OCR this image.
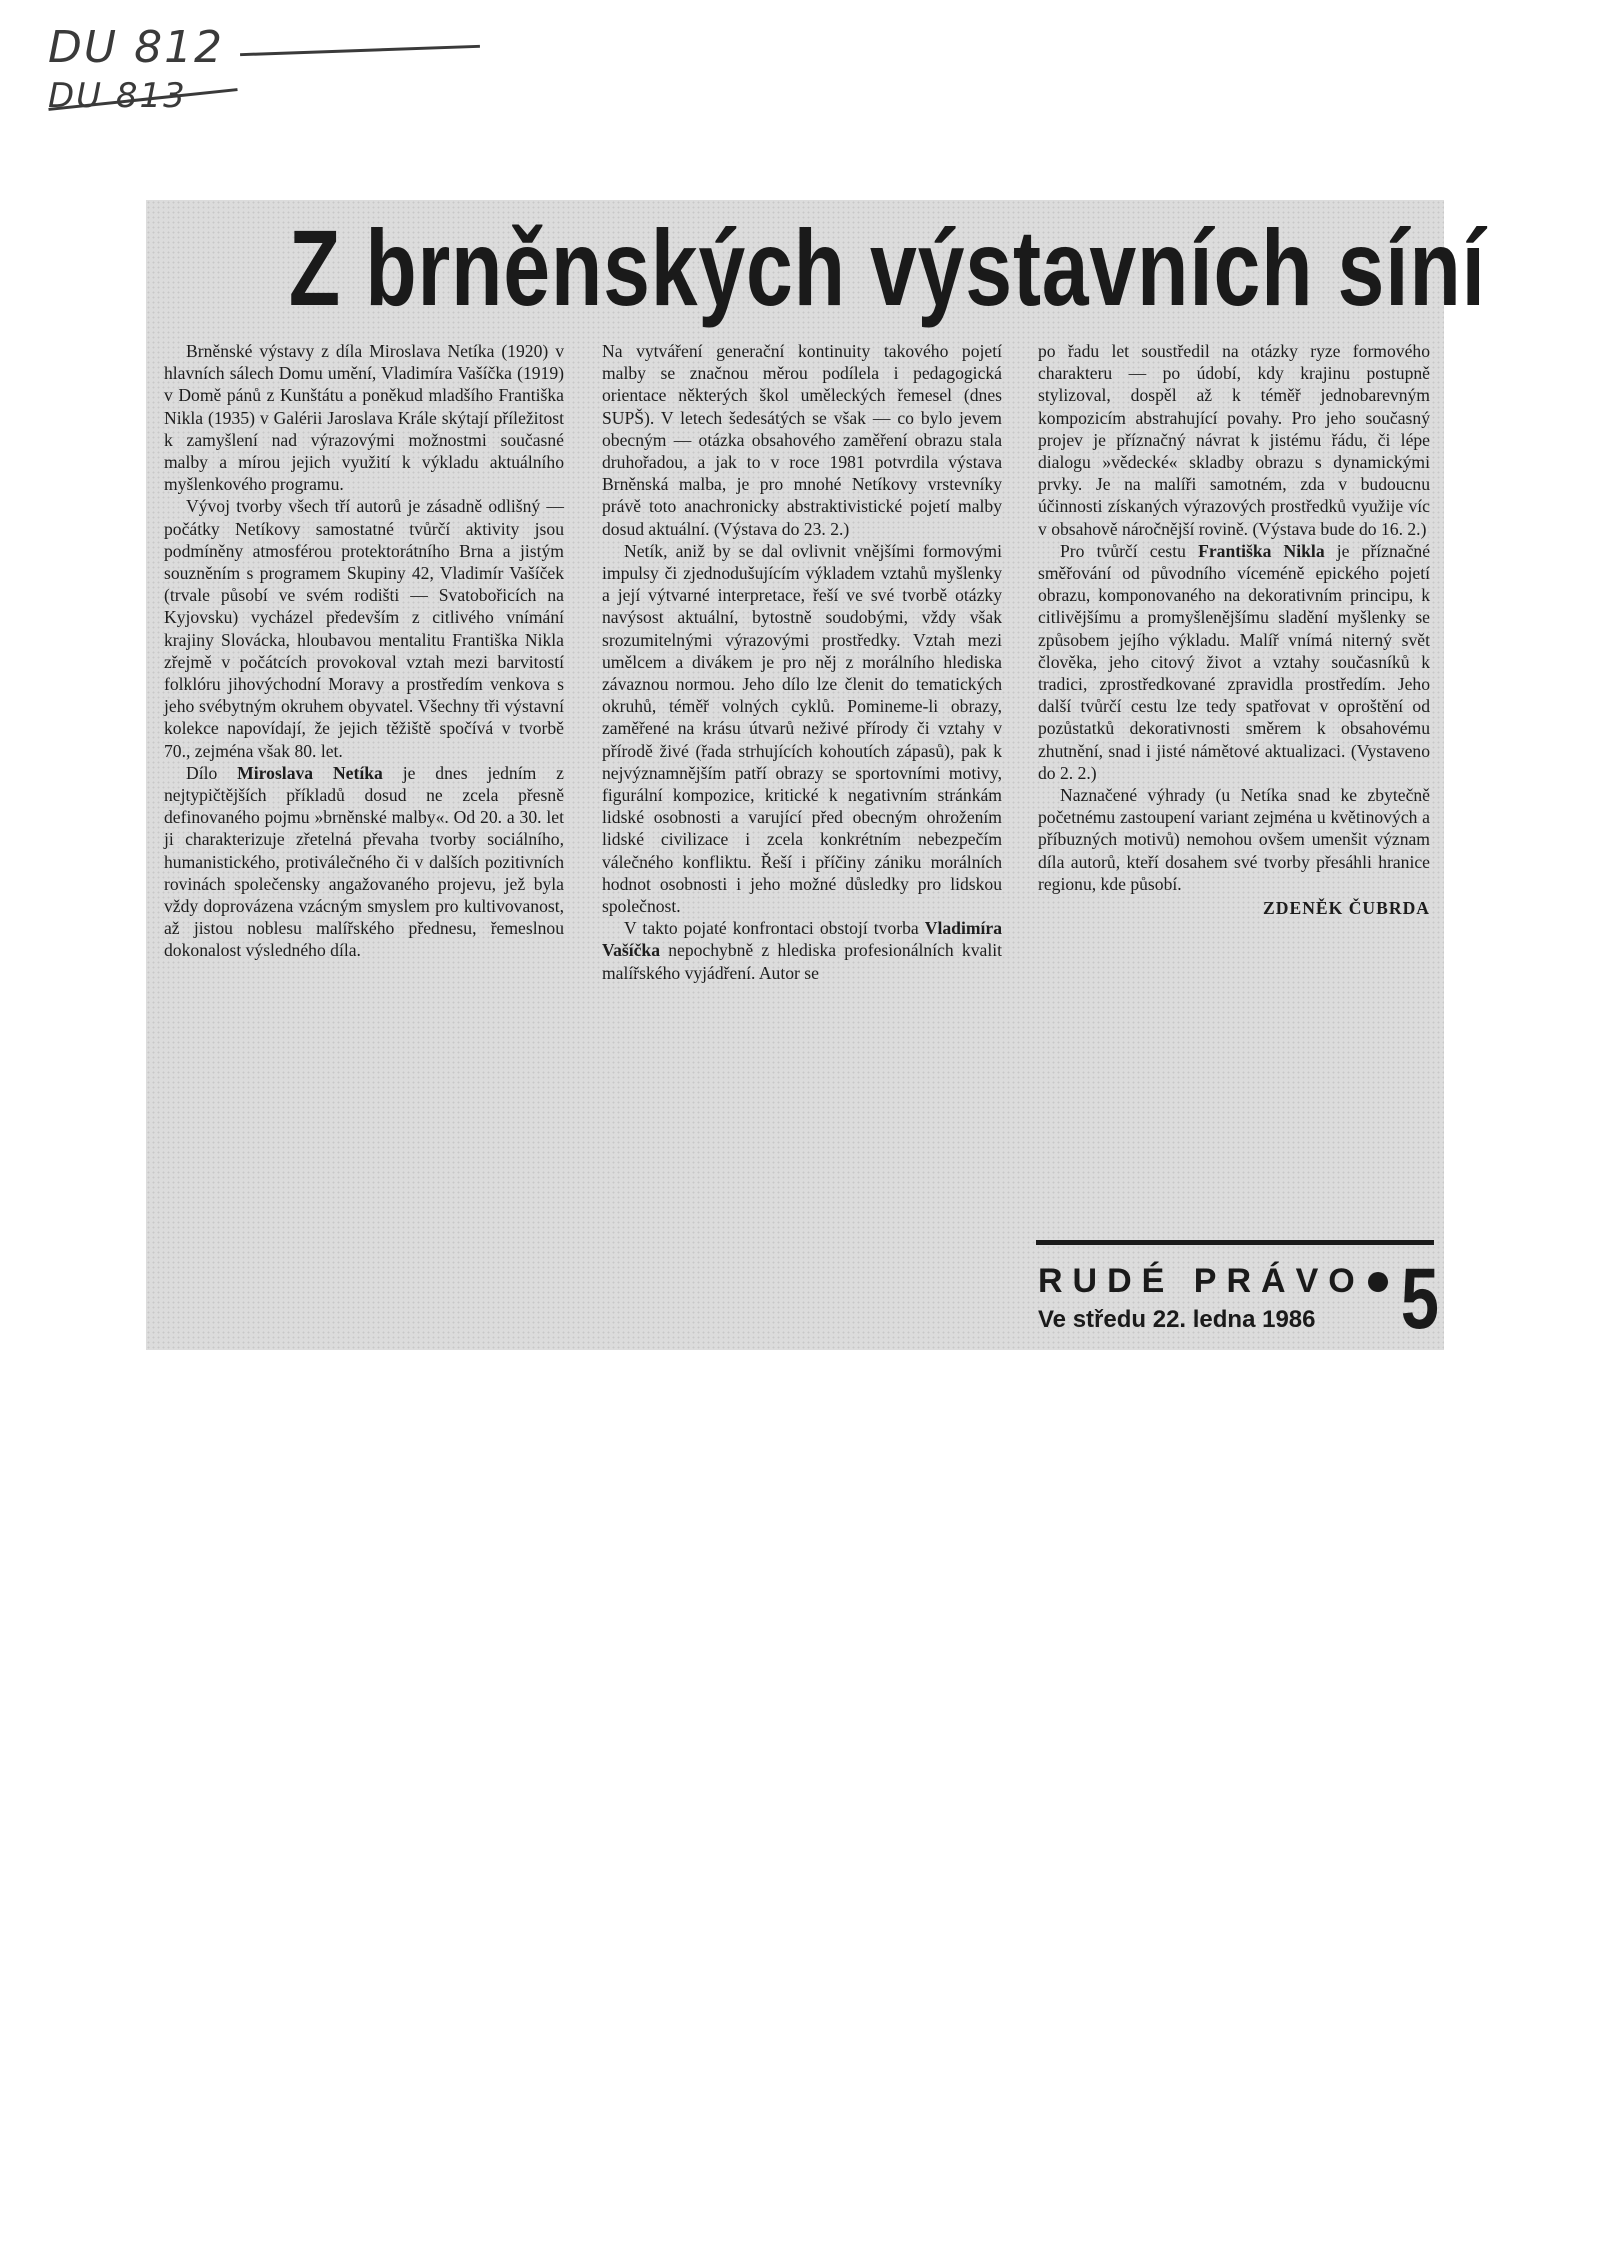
DU 812
DU 813
Z brněnských výstavních síní

Brněnské výstavy z díla Miroslava Netíka (1920) v hlavních sálech Domu umění, Vladimíra Vašíčka (1919) v Domě pánů z Kunštátu a poněkud mladšího Františka Nikla (1935) v Galérii Jaroslava Krále skýtají příležitost k zamyšlení nad výrazovými možnostmi současné malby a mírou jejich využití k výkladu aktuálního myšlenkového programu.

Vývoj tvorby všech tří autorů je zásadně odlišný — počátky Netíkovy samostatné tvůrčí aktivity jsou podmíněny atmosférou protektorátního Brna a jistým souzněním s programem Skupiny 42, Vladimír Vašíček (trvale působí ve svém rodišti — Svatobořicích na Kyjovsku) vycházel především z citlivého vnímání krajiny Slovácka, hloubavou mentalitu Františka Nikla zřejmě v počátcích provokoval vztah mezi barvitostí folklóru jihovýchodní Moravy a prostředím venkova s jeho svébytným okruhem obyvatel. Všechny tři výstavní kolekce napovídají, že jejich těžiště spočívá v tvorbě 70., zejména však 80. let.

Dílo Miroslava Netíka je dnes jedním z nejtypičtějších příkladů dosud ne zcela přesně definovaného pojmu »brněnské malby«. Od 20. a 30. let ji charakterizuje zřetelná převaha tvorby sociálního, humanistického, protiválečného či v dalších pozitivních rovinách společensky angažovaného projevu, jež byla vždy doprovázena vzácným smyslem pro kultivovanost, až jistou noblesu malířského přednesu, řemeslnou dokonalost výsledného díla.

Na vytváření generační kontinuity takového pojetí malby se značnou měrou podílela i pedagogická orientace některých škol uměleckých řemesel (dnes SUPŠ). V letech šedesátých se však — co bylo jevem obecným — otázka obsahového zaměření obrazu stala druhořadou, a jak to v roce 1981 potvrdila výstava Brněnská malba, je pro mnohé Netíkovy vrstevníky právě toto anachronicky abstraktivistické pojetí malby dosud aktuální. (Výstava do 23. 2.)

Netík, aniž by se dal ovlivnit vnějšími formovými impulsy či zjednodušujícím výkladem vztahů myšlenky a její výtvarné interpretace, řeší ve své tvorbě otázky navýsost aktuální, bytostně soudobými, vždy však srozumitelnými výrazovými prostředky. Vztah mezi umělcem a divákem je pro něj z morálního hlediska závaznou normou. Jeho dílo lze členit do tematických okruhů, téměř volných cyklů. Pomineme-li obrazy, zaměřené na krásu útvarů neživé přírody či vztahy v přírodě živé (řada strhujících kohoutích zápasů), pak k nejvýznamnějším patří obrazy se sportovními motivy, figurální kompozice, kritické k negativním stránkám lidské osobnosti a varující před obecným ohrožením lidské civilizace i zcela konkrétním nebezpečím válečného konfliktu. Řeší i příčiny zániku morálních hodnot osobnosti i jeho možné důsledky pro lidskou společnost.

V takto pojaté konfrontaci obstojí tvorba Vladimíra Vašíčka nepochybně z hlediska profesionálních kvalit malířského vyjádření. Autor se

po řadu let soustředil na otázky ryze formového charakteru — po údobí, kdy krajinu postupně stylizoval, dospěl až k téměř jednobarevným kompozicím abstrahující povahy. Pro jeho současný projev je příznačný návrat k jistému řádu, či lépe dialogu »vědecké« skladby obrazu s dynamickými prvky. Je na malíři samotném, zda v budoucnu účinnosti získaných výrazových prostředků využije víc v obsahově náročnější rovině. (Výstava bude do 16. 2.)

Pro tvůrčí cestu Františka Nikla je příznačné směřování od původního víceméně epického pojetí obrazu, komponovaného na dekorativním principu, k citlivějšímu a promyšlenějšímu sladění myšlenky se způsobem jejího výkladu. Malíř vnímá niterný svět člověka, jeho citový život a vztahy současníků k tradici, zprostředkované zpravidla prostředím. Jeho další tvůrčí cestu lze tedy spatřovat v oproštění od pozůstatků dekorativnosti směrem k obsahovému zhutnění, snad i jisté námětové aktualizaci. (Vystaveno do 2. 2.)

Naznačené výhrady (u Netíka snad ke zbytečně početnému zastoupení variant zejména u květinových a příbuzných motivů) nemohou ovšem umenšit význam díla autorů, kteří dosahem své tvorby přesáhli hranice regionu, kde působí.

ZDENĚK ČUBRDA
RUDÉ PRÁVO 5
Ve středu 22. ledna 1986
